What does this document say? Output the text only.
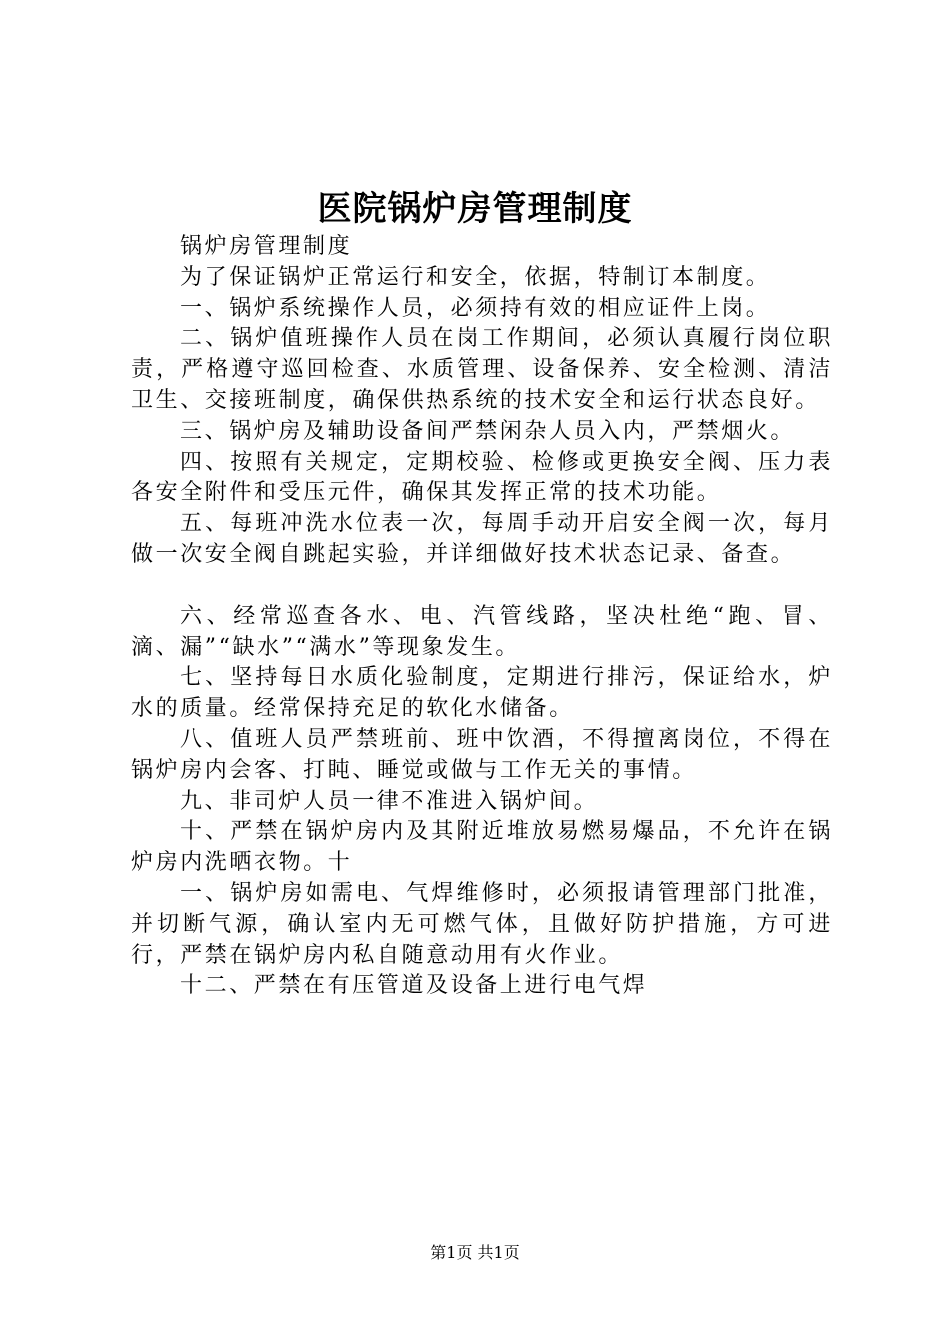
医院锅炉房管理制度

锅炉房管理制度

为了保证锅炉正常运行和安全，依据，特制订本制度。

一、锅炉系统操作人员，必须持有效的相应证件上岗。

二、锅炉值班操作人员在岗工作期间，必须认真履行岗位职责，严格遵守巡回检查、水质管理、设备保养、安全检测、清洁卫生、交接班制度，确保供热系统的技术安全和运行状态良好。

三、锅炉房及辅助设备间严禁闲杂人员入内，严禁烟火。

四、按照有关规定，定期校验、检修或更换安全阀、压力表各安全附件和受压元件，确保其发挥正常的技术功能。

五、每班冲洗水位表一次，每周手动开启安全阀一次，每月做一次安全阀自跳起实验，并详细做好技术状态记录、备查。

六、经常巡查各水、电、汽管线路，坚决杜绝“跑、冒、滴、漏”“缺水”“满水”等现象发生。

七、坚持每日水质化验制度，定期进行排污，保证给水，炉水的质量。经常保持充足的软化水储备。

八、值班人员严禁班前、班中饮酒，不得擅离岗位，不得在锅炉房内会客、打盹、睡觉或做与工作无关的事情。

九、非司炉人员一律不准进入锅炉间。

十、严禁在锅炉房内及其附近堆放易燃易爆品，不允许在锅炉房内洗晒衣物。十

一、锅炉房如需电、气焊维修时，必须报请管理部门批准，并切断气源，确认室内无可燃气体，且做好防护措施，方可进行，严禁在锅炉房内私自随意动用有火作业。

十二、严禁在有压管道及设备上进行电气焊

第1页 共1页
